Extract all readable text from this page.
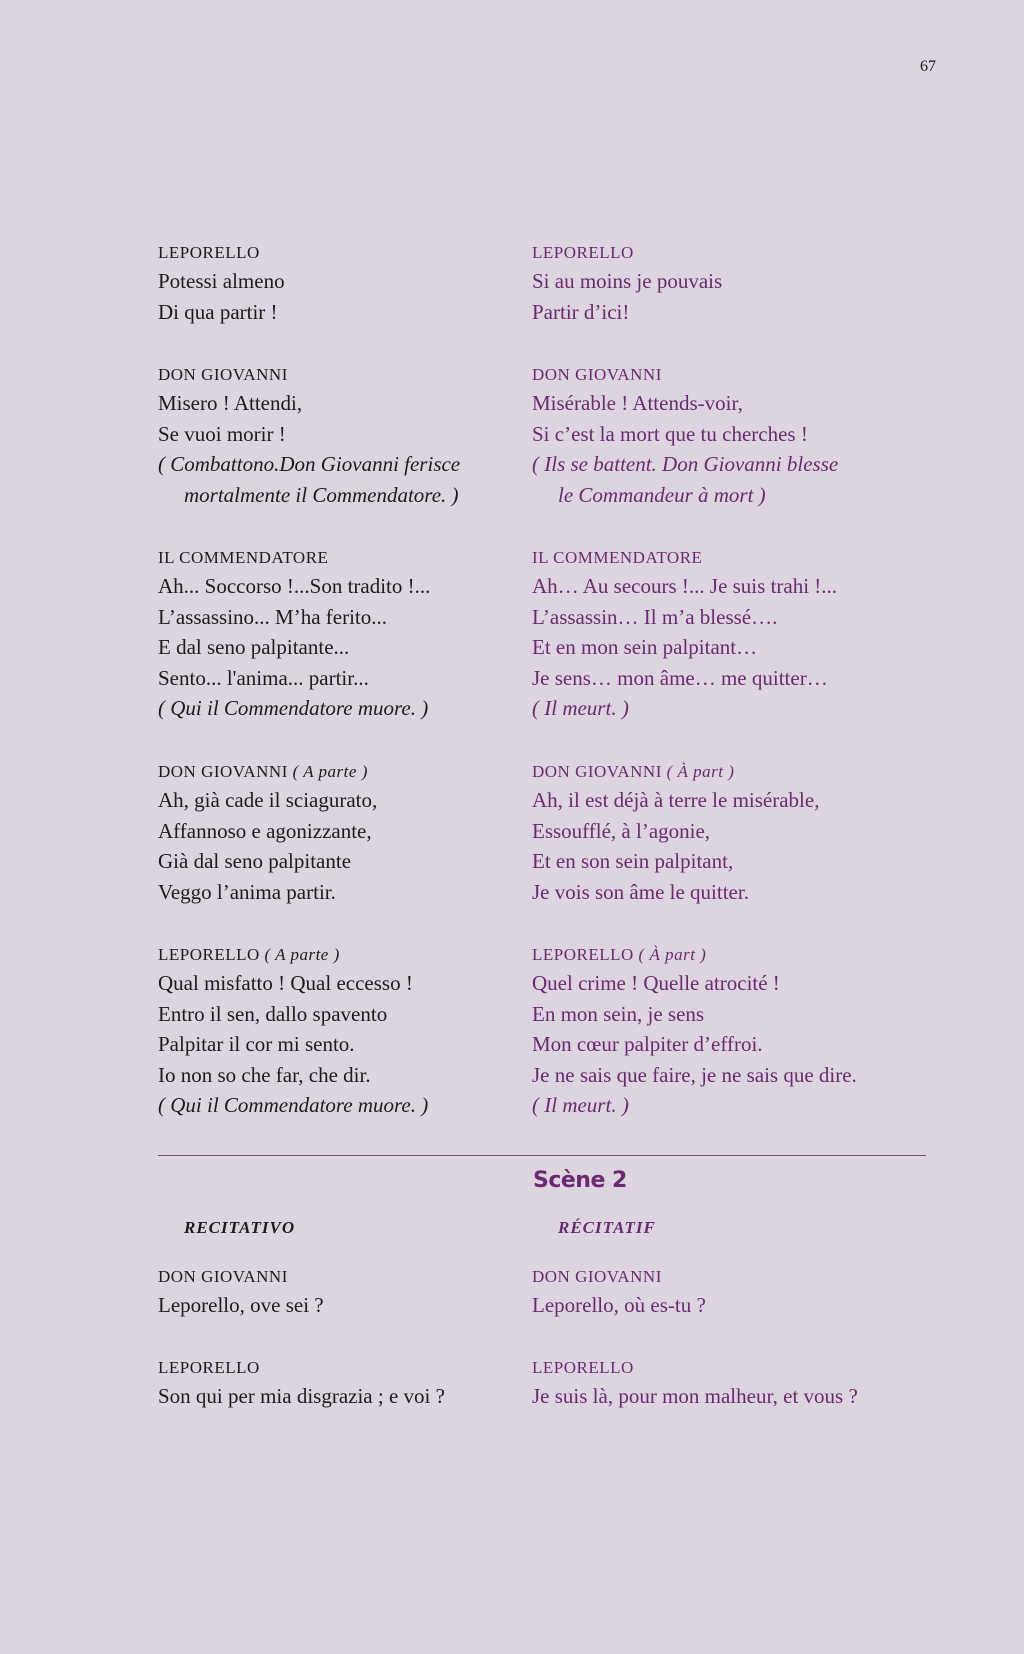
67
LEPORELLO
Potessi almeno
Di qua partir !
DON GIOVANNI
Misero ! Attendi,
Se vuoi morir !
( Combattono.Don Giovanni ferisce
mortalmente il Commendatore. )
IL COMMENDATORE
Ah... Soccorso !...Son tradito !...
L’assassino... M’ha ferito...
E dal seno palpitante...
Sento... l'anima... partir...
( Qui il Commendatore muore. )
DON GIOVANNI ( A parte )
Ah, già cade il sciagurato,
Affannoso e agonizzante,
Già dal seno palpitante
Veggo l’anima partir.
LEPORELLO ( A parte )
Qual misfatto ! Qual eccesso !
Entro il sen, dallo spavento
Palpitar il cor mi sento.
Io non so che far, che dir.
( Qui il Commendatore muore. )
DON GIOVANNI
Leporello, ove sei ?
LEPORELLO
Son qui per mia disgrazia ; e voi ?
LEPORELLO
Si au moins je pouvais
Partir d’ici!
DON GIOVANNI
Misérable ! Attends-voir,
Si c’est la mort que tu cherches !
( Ils se battent. Don Giovanni blesse
le Commandeur à mort )
IL COMMENDATORE
Ah… Au secours !... Je suis trahi !...
L’assassin… Il m’a blessé….
Et en mon sein palpitant…
Je sens… mon âme… me quitter…
( Il meurt. )
DON GIOVANNI ( À part )
Ah, il est déjà à terre le misérable,
Essoufflé, à l’agonie,
Et en son sein palpitant,
Je vois son âme le quitter.
LEPORELLO ( À part )
Quel crime ! Quelle atrocité !
En mon sein, je sens
Mon cœur palpiter d’effroi.
Je ne sais que faire, je ne sais que dire.
( Il meurt. )
DON GIOVANNI
Leporello, où es-tu ?
LEPORELLO
Je suis là, pour mon malheur, et vous ?
Scène 2
RECITATIVO	RÉCITATIF
